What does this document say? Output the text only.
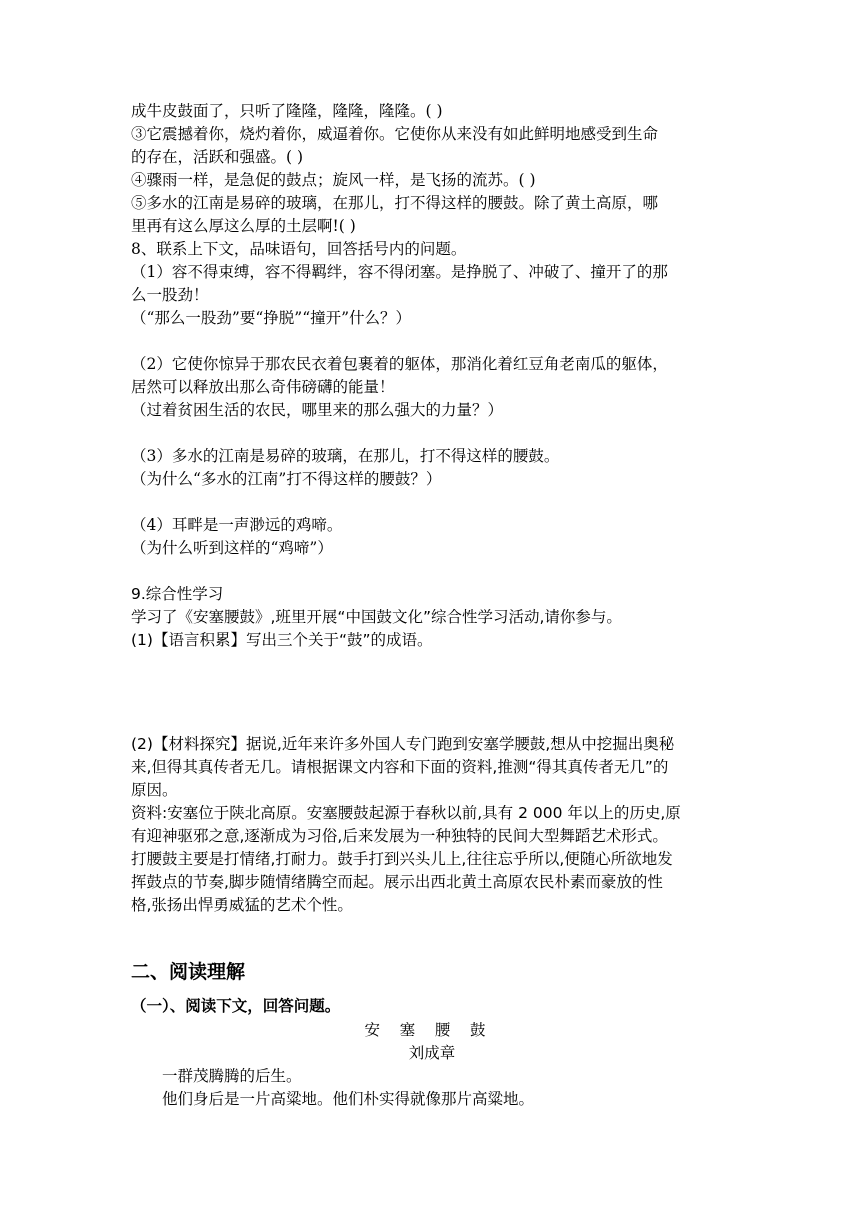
成牛皮鼓面了，只听了隆隆，隆隆，隆隆。( )
③它震撼着你，烧灼着你，威逼着你。它使你从来没有如此鲜明地感受到生命
的存在，活跃和强盛。( )
④骤雨一样，是急促的鼓点；旋风一样，是飞扬的流苏。( )
⑤多水的江南是易碎的玻璃，在那儿，打不得这样的腰鼓。除了黄土高原，哪
里再有这么厚这么厚的土层啊!( )
8、联系上下文，品味语句，回答括号内的问题。
（1）容不得束缚，容不得羁绊，容不得闭塞。是挣脱了、冲破了、撞开了的那
么一股劲！
（“那么一股劲”要“挣脱”“撞开”什么？）
（2）它使你惊异于那农民衣着包裹着的躯体，那消化着红豆角老南瓜的躯体，
居然可以释放出那么奇伟磅礴的能量！
（过着贫困生活的农民，哪里来的那么强大的力量？）
（3）多水的江南是易碎的玻璃，在那儿，打不得这样的腰鼓。
（为什么“多水的江南”打不得这样的腰鼓？）
（4）耳畔是一声渺远的鸡啼。
（为什么听到这样的“鸡啼”）
9.综合性学习
学习了《安塞腰鼓》,班里开展“中国鼓文化”综合性学习活动,请你参与。
(1)【语言积累】写出三个关于“鼓”的成语。
(2)【材料探究】据说,近年来许多外国人专门跑到安塞学腰鼓,想从中挖掘出奥秘
来,但得其真传者无几。请根据课文内容和下面的资料,推测“得其真传者无几”的
原因。
资料:安塞位于陕北高原。安塞腰鼓起源于春秋以前,具有 2 000 年以上的历史,原
有迎神驱邪之意,逐渐成为习俗,后来发展为一种独特的民间大型舞蹈艺术形式。
打腰鼓主要是打情绪,打耐力。鼓手打到兴头儿上,往往忘乎所以,便随心所欲地发
挥鼓点的节奏,脚步随情绪腾空而起。展示出西北黄土高原农民朴素而豪放的性
格,张扬出悍勇威猛的艺术个性。
二、阅读理解
（一）、阅读下文，回答问题。
安    塞    腰    鼓
刘成章
一群茂腾腾的后生。
他们身后是一片高粱地。他们朴实得就像那片高粱地。
